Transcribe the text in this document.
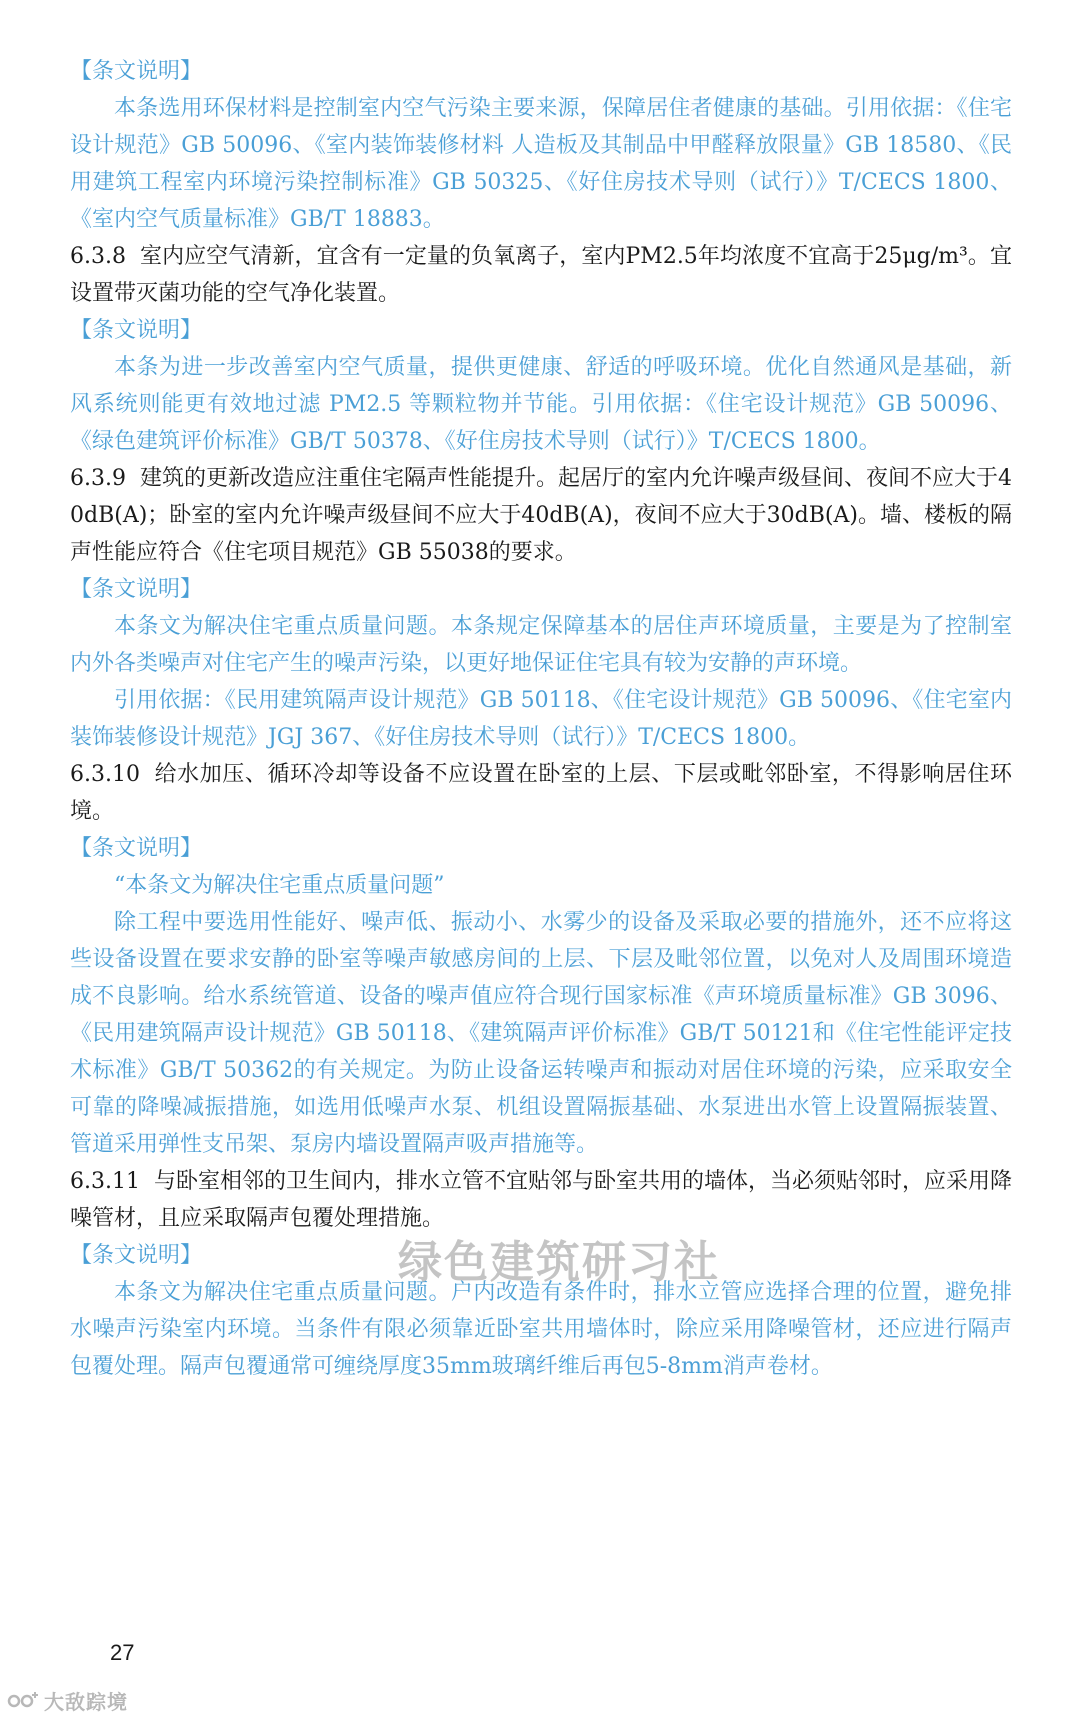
【条文说明】

本条选用环保材料是控制室内空气污染主要来源，保障居住者健康的基础。引用依据：《住宅设计规范》GB 50096、《室内装饰装修材料 人造板及其制品中甲醛释放限量》GB 18580、《民用建筑工程室内环境污染控制标准》GB 50325、《好住房技术导则（试行）》T/CECS 1800、《室内空气质量标准》GB/T 18883。

6.3.8 室内应空气清新，宜含有一定量的负氧离子，室内PM2.5年均浓度不宜高于25μg/m³。宜设置带灭菌功能的空气净化装置。

【条文说明】

本条为进一步改善室内空气质量，提供更健康、舒适的呼吸环境。优化自然通风是基础，新风系统则能更有效地过滤 PM2.5 等颗粒物并节能。引用依据：《住宅设计规范》GB 50096、《绿色建筑评价标准》GB/T 50378、《好住房技术导则（试行）》T/CECS 1800。

6.3.9 建筑的更新改造应注重住宅隔声性能提升。起居厅的室内允许噪声级昼间、夜间不应大于40dB(A)；卧室的室内允许噪声级昼间不应大于40dB(A)，夜间不应大于30dB(A)。墙、楼板的隔声性能应符合《住宅项目规范》GB 55038的要求。

【条文说明】

本条文为解决住宅重点质量问题。本条规定保障基本的居住声环境质量，主要是为了控制室内外各类噪声对住宅产生的噪声污染，以更好地保证住宅具有较为安静的声环境。

引用依据：《民用建筑隔声设计规范》GB 50118、《住宅设计规范》GB 50096、《住宅室内装饰装修设计规范》JGJ 367、《好住房技术导则（试行）》T/CECS 1800。

6.3.10 给水加压、循环冷却等设备不应设置在卧室的上层、下层或毗邻卧室，不得影响居住环境。

【条文说明】

“本条文为解决住宅重点质量问题”

除工程中要选用性能好、噪声低、振动小、水雾少的设备及采取必要的措施外，还不应将这些设备设置在要求安静的卧室等噪声敏感房间的上层、下层及毗邻位置，以免对人及周围环境造成不良影响。给水系统管道、设备的噪声值应符合现行国家标准《声环境质量标准》GB 3096、《民用建筑隔声设计规范》GB 50118、《建筑隔声评价标准》GB/T 50121和《住宅性能评定技术标准》GB/T 50362的有关规定。为防止设备运转噪声和振动对居住环境的污染，应采取安全可靠的降噪减振措施，如选用低噪声水泵、机组设置隔振基础、水泵进出水管上设置隔振装置、管道采用弹性支吊架、泵房内墙设置隔声吸声措施等。

6.3.11 与卧室相邻的卫生间内，排水立管不宜贴邻与卧室共用的墙体，当必须贴邻时，应采用降噪管材，且应采取隔声包覆处理措施。

【条文说明】

本条文为解决住宅重点质量问题。户内改造有条件时，排水立管应选择合理的位置，避免排水噪声污染室内环境。当条件有限必须靠近卧室共用墙体时，除应采用降噪管材，还应进行隔声包覆处理。隔声包覆通常可缠绕厚度35mm玻璃纤维后再包5-8mm消声卷材。

绿色建筑研习社
27
大敌踪境
